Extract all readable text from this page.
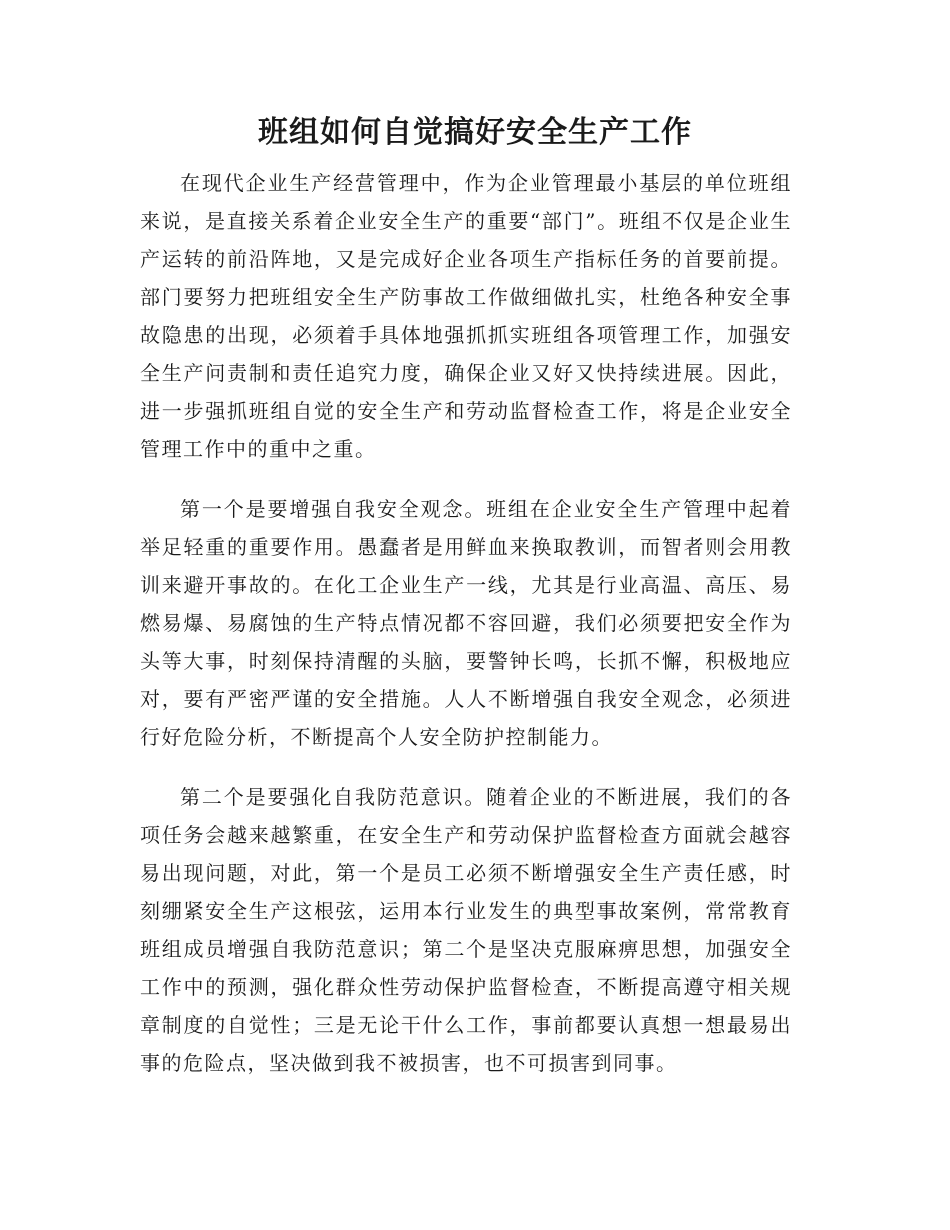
班组如何自觉搞好安全生产工作

在现代企业生产经营管理中，作为企业管理最小基层的单位班组来说，是直接关系着企业安全生产的重要“部门”。班组不仅是企业生产运转的前沿阵地，又是完成好企业各项生产指标任务的首要前提。部门要努力把班组安全生产防事故工作做细做扎实，杜绝各种安全事故隐患的出现，必须着手具体地强抓抓实班组各项管理工作，加强安全生产问责制和责任追究力度，确保企业又好又快持续进展。因此，进一步强抓班组自觉的安全生产和劳动监督检查工作，将是企业安全管理工作中的重中之重。

第一个是要增强自我安全观念。班组在企业安全生产管理中起着举足轻重的重要作用。愚蠢者是用鲜血来换取教训，而智者则会用教训来避开事故的。在化工企业生产一线，尤其是行业高温、高压、易燃易爆、易腐蚀的生产特点情况都不容回避，我们必须要把安全作为头等大事，时刻保持清醒的头脑，要警钟长鸣，长抓不懈，积极地应对，要有严密严谨的安全措施。人人不断增强自我安全观念，必须进行好危险分析，不断提高个人安全防护控制能力。

第二个是要强化自我防范意识。随着企业的不断进展，我们的各项任务会越来越繁重，在安全生产和劳动保护监督检查方面就会越容易出现问题，对此，第一个是员工必须不断增强安全生产责任感，时刻绷紧安全生产这根弦，运用本行业发生的典型事故案例，常常教育班组成员增强自我防范意识；第二个是坚决克服麻痹思想，加强安全工作中的预测，强化群众性劳动保护监督检查，不断提高遵守相关规章制度的自觉性；三是无论干什么工作，事前都要认真想一想最易出事的危险点，坚决做到我不被损害，也不可损害到同事。
